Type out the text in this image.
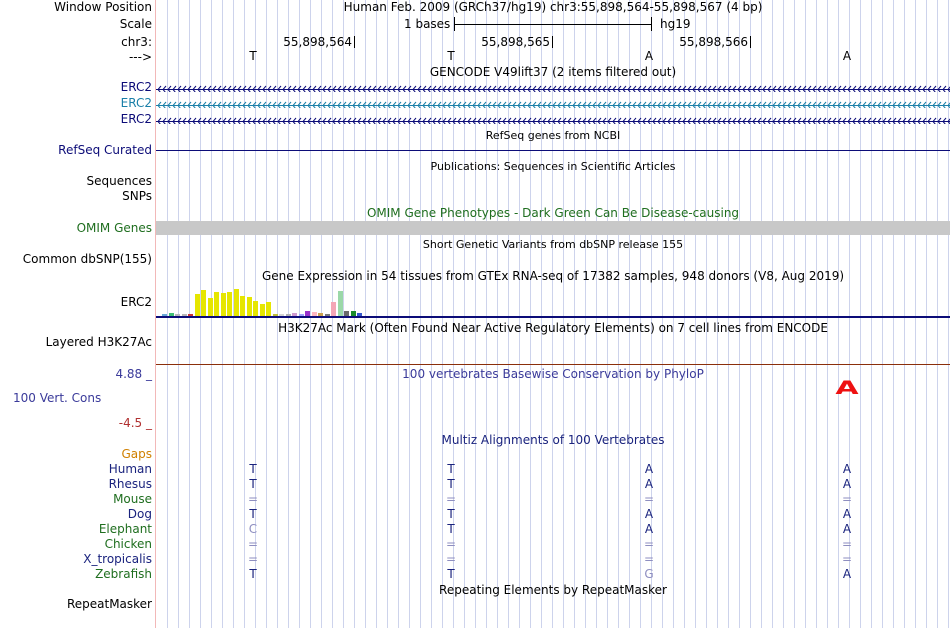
Window Position	Human Feb. 2009 (GRCh37/hg19) chr3:55,898,564-55,898,567 (4 bp)
Scale	1 bases	hg19
chr3:	55,898,564	55,898,565	55,898,566
--->	T	T	A	A
GENCODE V49lift37 (2 items filtered out)
ERC2
ERC2
ERC2
RefSeq genes from NCBI
RefSeq Curated
Publications: Sequences in Scientific Articles
Sequences
SNPs
OMIM Gene Phenotypes - Dark Green Can Be Disease-causing
OMIM Genes
Short Genetic Variants from dbSNP release 155
Common dbSNP(155)
Gene Expression in 54 tissues from GTEx RNA-seq of 17382 samples, 948 donors (V8, Aug 2019)
ERC2
H3K27Ac Mark (Often Found Near Active Regulatory Elements) on 7 cell lines from ENCODE
Layered H3K27Ac
100 vertebrates Basewise Conservation by PhyloP
4.88 _
100 Vert. Cons
-4.5 _
A
Multiz Alignments of 100 Vertebrates
Gaps
Human	T	T	A	A
Rhesus	T	T	A	A
Mouse	=	=	=	=
Dog	T	T	A	A
Elephant	C	T	A	A
Chicken	=	=	=	=
X_tropicalis	=	=	=	=
Zebrafish	T	T	G	A
Repeating Elements by RepeatMasker
RepeatMasker
